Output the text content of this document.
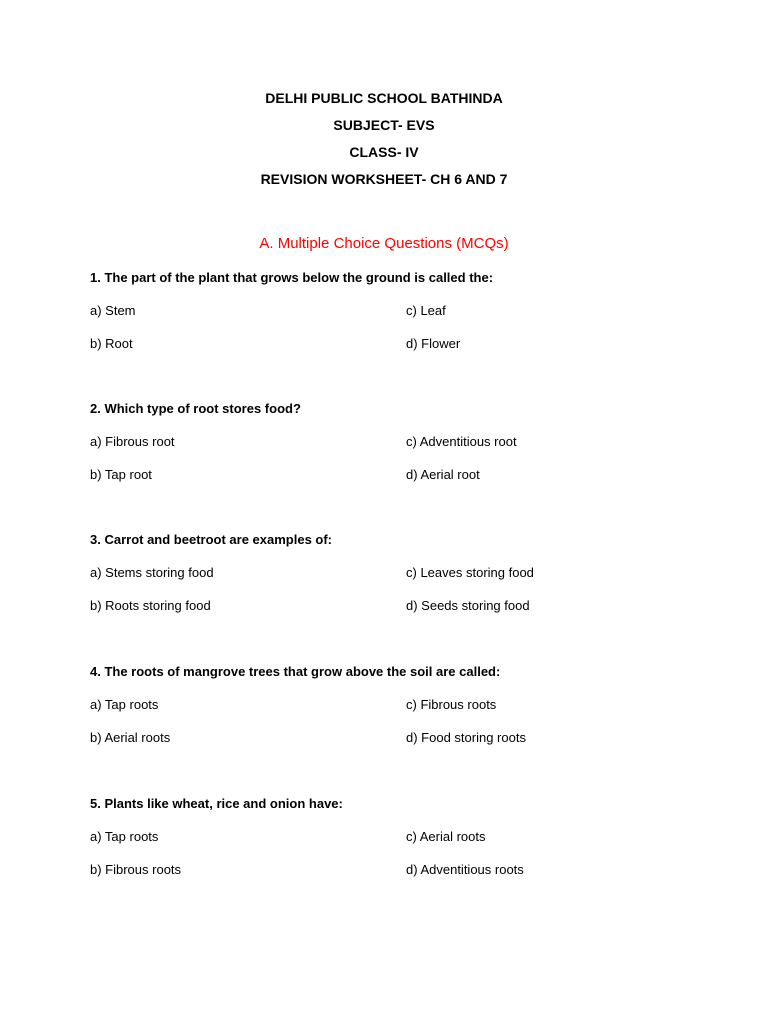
DELHI PUBLIC SCHOOL BATHINDA
SUBJECT- EVS
CLASS- IV
REVISION WORKSHEET- CH 6 AND 7
A. Multiple Choice Questions (MCQs)
1. The part of the plant that grows below the ground is called the:
a) Stem
b) Root
c) Leaf
d) Flower
2. Which type of root stores food?
a) Fibrous root
b) Tap root
c) Adventitious root
d) Aerial root
3. Carrot and beetroot are examples of:
a) Stems storing food
b) Roots storing food
c) Leaves storing food
d) Seeds storing food
4. The roots of mangrove trees that grow above the soil are called:
a) Tap roots
b) Aerial roots
c) Fibrous roots
d) Food storing roots
5. Plants like wheat, rice and onion have:
a) Tap roots
b) Fibrous roots
c) Aerial roots
d) Adventitious roots
